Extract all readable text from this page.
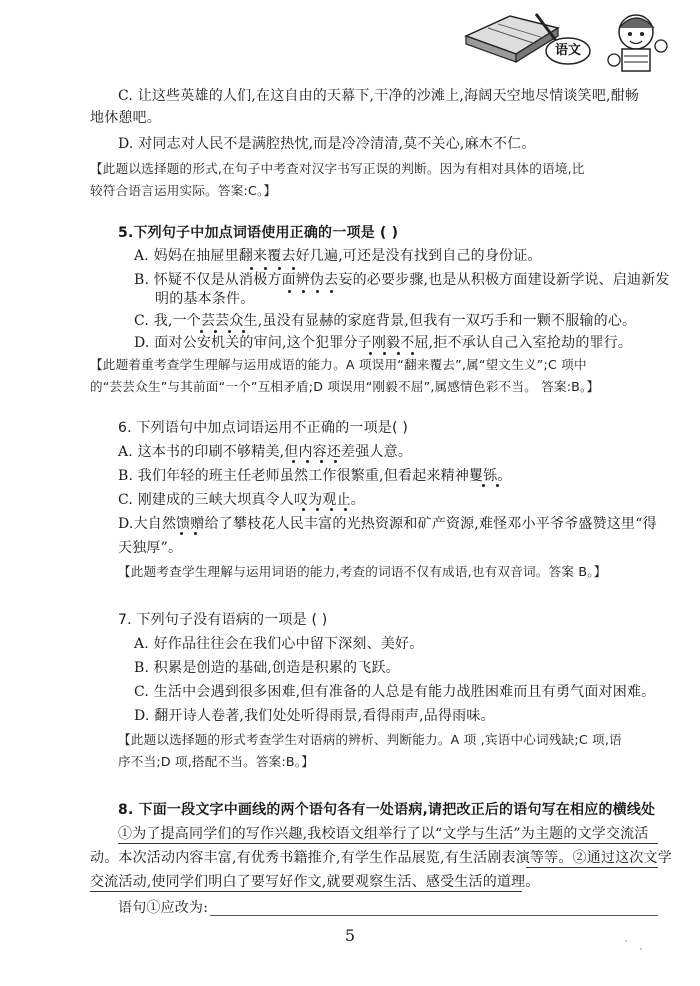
语文
C. 让这些英雄的人们,在这自由的天幕下,干净的沙滩上,海阔天空地尽情谈笑吧,酣畅
地休憩吧。
D. 对同志对人民不是满腔热忱,而是冷冷清清,莫不关心,麻木不仁。
【此题以选择题的形式,在句子中考查对汉字书写正误的判断。因为有相对具体的语境,比
较符合语言运用实际。答案:C。】
5.下列句子中加点词语使用正确的一项是 ( )
A. 妈妈在抽屉里翻来覆去好几遍,可还是没有找到自己的身份证。
B. 怀疑不仅是从消极方面辨伪去妄的必要步骤,也是从积极方面建设新学说、启迪新发
明的基本条件。
C. 我,一个芸芸众生,虽没有显赫的家庭背景,但我有一双巧手和一颗不服输的心。
D. 面对公安机关的审问,这个犯罪分子刚毅不屈,拒不承认自己入室抢劫的罪行。
【此题着重考查学生理解与运用成语的能力。A 项误用“翻来覆去”,属“望文生义”;C 项中
的“芸芸众生”与其前面“一个”互相矛盾;D 项误用“刚毅不屈”,属感情色彩不当。 答案:B。】
6. 下列语句中加点词语运用不正确的一项是( )
A. 这本书的印刷不够精美,但内容还差强人意。
B. 我们年轻的班主任老师虽然工作很繁重,但看起来精神矍铄。
C. 刚建成的三峡大坝真令人叹为观止。
D.大自然馈赠给了攀枝花人民丰富的光热资源和矿产资源,难怪邓小平爷爷盛赞这里“得
天独厚”。
【此题考查学生理解与运用词语的能力,考查的词语不仅有成语,也有双音词。答案 B。】
7. 下列句子没有语病的一项是 ( )
A. 好作品往往会在我们心中留下深刻、美好。
B. 积累是创造的基础,创造是积累的飞跃。
C. 生活中会遇到很多困难,但有准备的人总是有能力战胜困难而且有勇气面对困难。
D. 翻开诗人卷著,我们处处听得雨景,看得雨声,品得雨味。
【此题以选择题的形式考查学生对语病的辨析、判断能力。A 项 ,宾语中心词残缺;C 项,语
序不当;D 项,搭配不当。答案:B。】
8. 下面一段文字中画线的两个语句各有一处语病,请把改正后的语句写在相应的横线处
①为了提高同学们的写作兴趣,我校语文组举行了以“文学与生活”为主题的文学交流活
动。本次活动内容丰富,有优秀书籍推介,有学生作品展览,有生活剧表演等等。②通过这次文学
交流活动,使同学们明白了要写好作文,就要观察生活、感受生活的道理。
语句①应改为:
5
